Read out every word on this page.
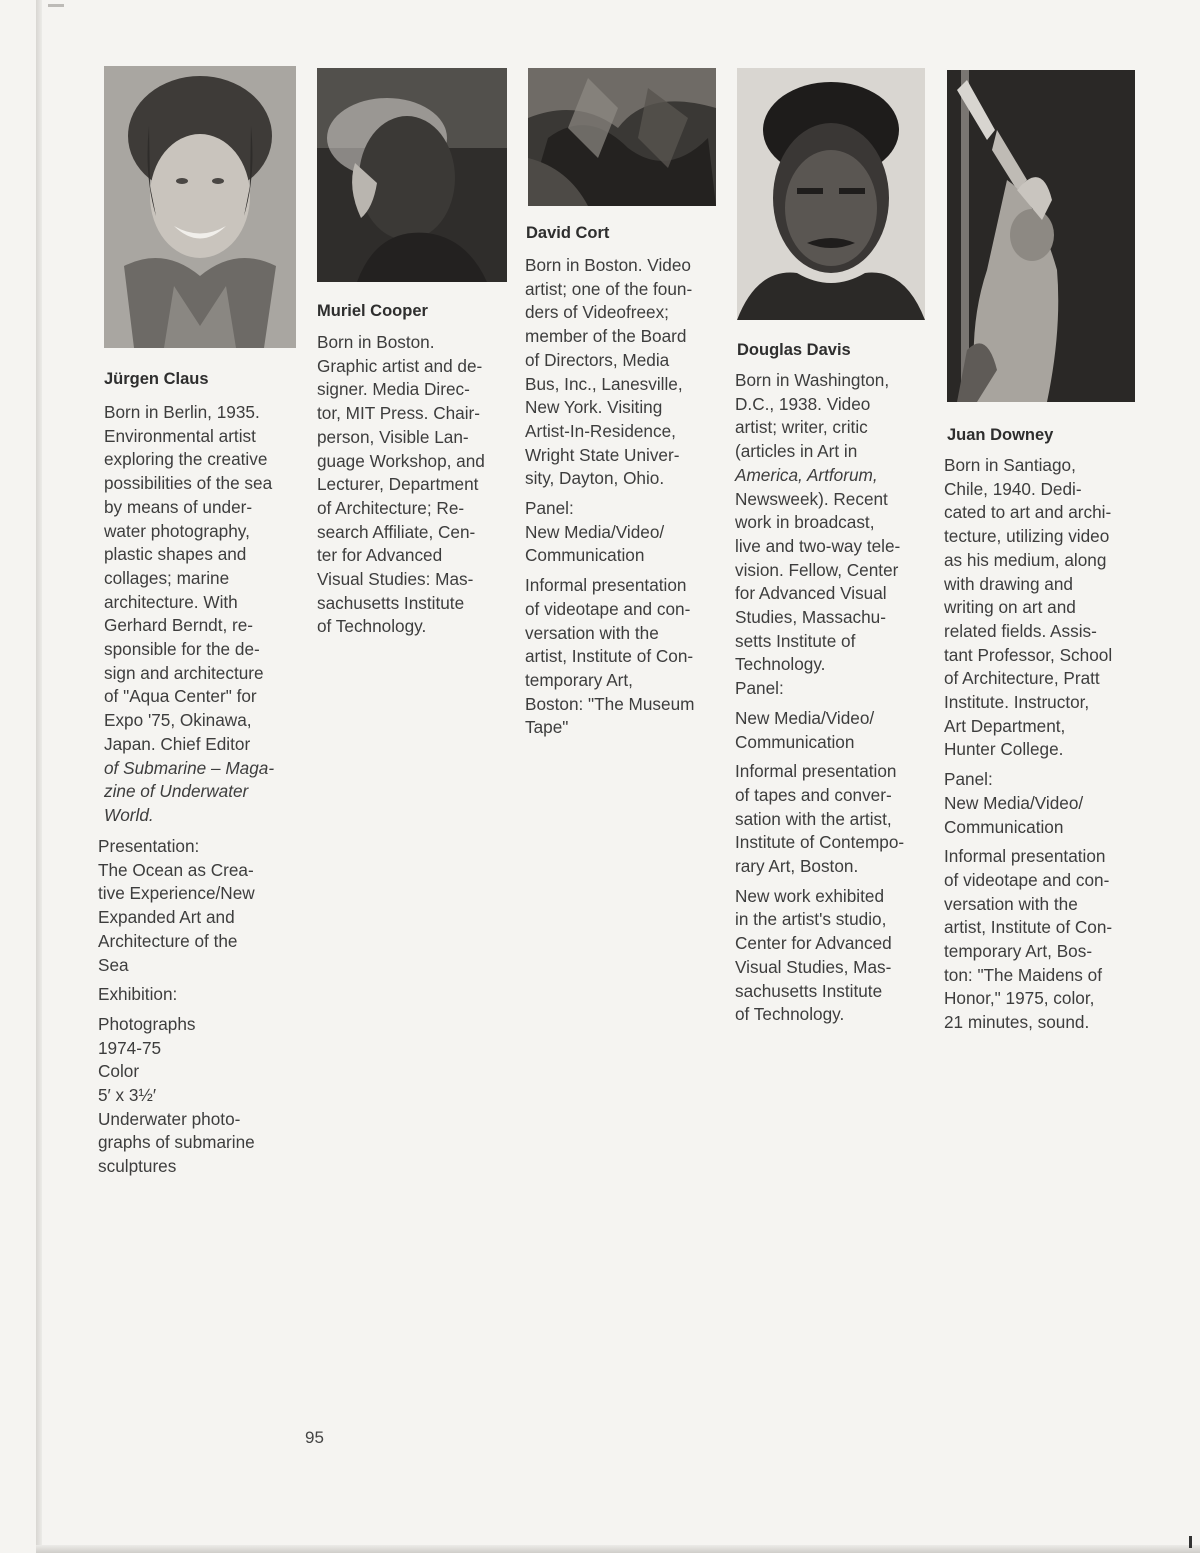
Jürgen Claus
Born in Berlin, 1935.
Environmental artist
exploring the creative
possibilities of the sea
by means of under-
water photography,
plastic shapes and
collages; marine
architecture. With
Gerhard Berndt, re-
sponsible for the de-
sign and architecture
of "Aqua Center" for
Expo '75, Okinawa,
Japan. Chief Editor
of Submarine – Maga-
zine of Underwater
World.
Presentation:
The Ocean as Crea-
tive Experience/New
Expanded Art and
Architecture of the
Sea
Exhibition:
Photographs
1974-75
Color
5′ x 3½′
Underwater photo-
graphs of submarine
sculptures
Muriel Cooper
Born in Boston.
Graphic artist and de-
signer. Media Direc-
tor, MIT Press. Chair-
person, Visible Lan-
guage Workshop, and
Lecturer, Department
of Architecture; Re-
search Affiliate, Cen-
ter for Advanced
Visual Studies: Mas-
sachusetts Institute
of Technology.
David Cort
Born in Boston. Video
artist; one of the foun-
ders of Videofreex;
member of the Board
of Directors, Media
Bus, Inc., Lanesville,
New York. Visiting
Artist-In-Residence,
Wright State Univer-
sity, Dayton, Ohio.
Panel:
New Media/Video/
Communication
Informal presentation
of videotape and con-
versation with the
artist, Institute of Con-
temporary Art,
Boston: "The Museum
Tape"
Douglas Davis
Born in Washington,
D.C., 1938. Video
artist; writer, critic
(articles in Art in
America, Artforum,
Newsweek). Recent
work in broadcast,
live and two-way tele-
vision. Fellow, Center
for Advanced Visual
Studies, Massachu-
setts Institute of
Technology.
Panel:
New Media/Video/
Communication
Informal presentation
of tapes and conver-
sation with the artist,
Institute of Contempo-
rary Art, Boston.
New work exhibited
in the artist's studio,
Center for Advanced
Visual Studies, Mas-
sachusetts Institute
of Technology.
Juan Downey
Born in Santiago,
Chile, 1940. Dedi-
cated to art and archi-
tecture, utilizing video
as his medium, along
with drawing and
writing on art and
related fields. Assis-
tant Professor, School
of Architecture, Pratt
Institute. Instructor,
Art Department,
Hunter College.
Panel:
New Media/Video/
Communication
Informal presentation
of videotape and con-
versation with the
artist, Institute of Con-
temporary Art, Bos-
ton: "The Maidens of
Honor," 1975, color,
21 minutes, sound.
95
